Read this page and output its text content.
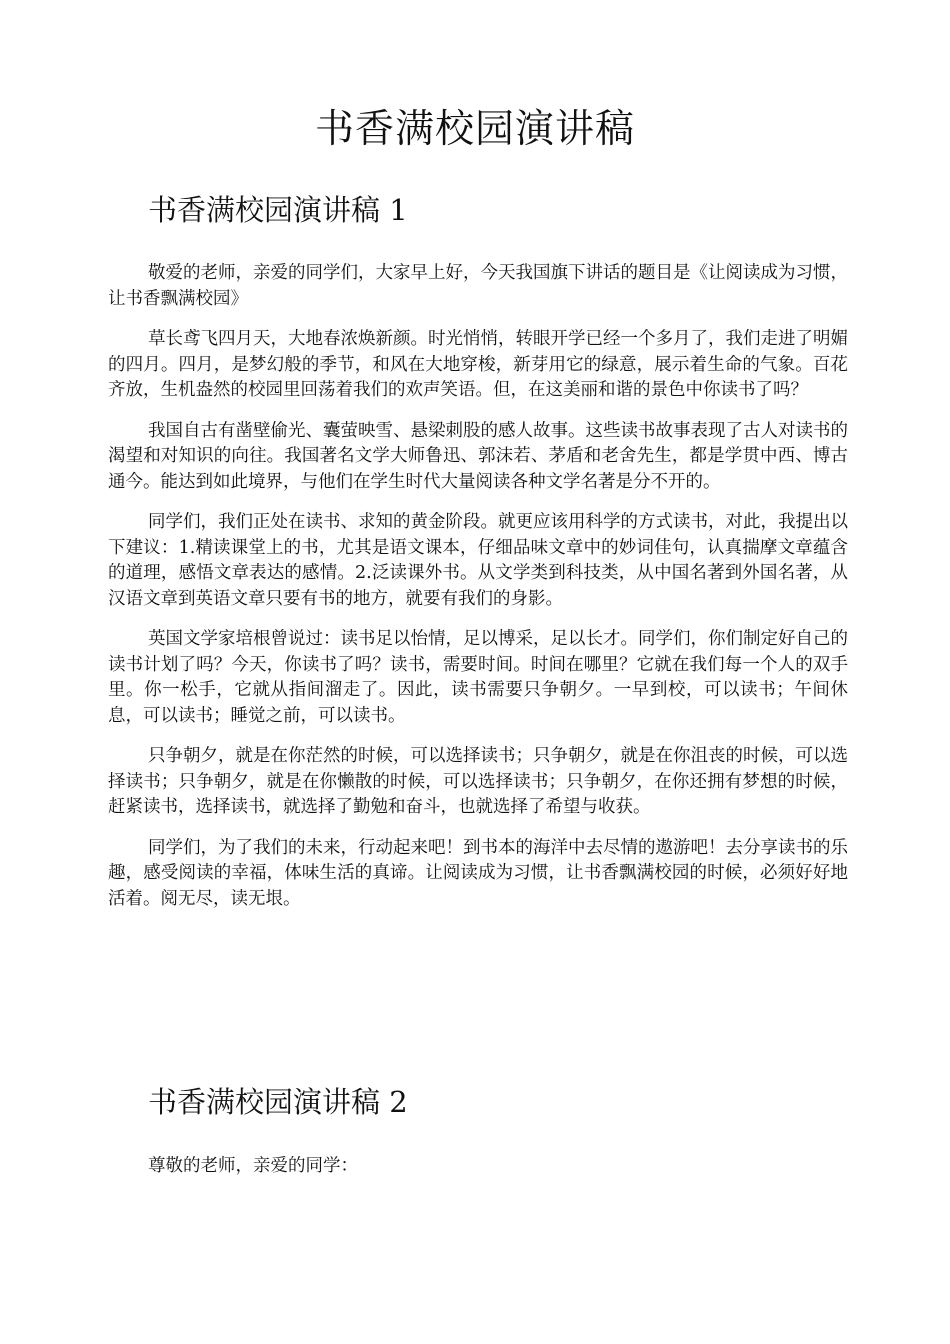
书香满校园演讲稿
书香满校园演讲稿 1

敬爱的老师，亲爱的同学们，大家早上好，今天我国旗下讲话的题目是《让阅读成为习惯，让书香飘满校园》

草长鸢飞四月天，大地春浓焕新颜。时光悄悄，转眼开学已经一个多月了，我们走进了明媚的四月。四月，是梦幻般的季节，和风在大地穿梭，新芽用它的绿意，展示着生命的气象。百花齐放，生机盎然的校园里回荡着我们的欢声笑语。但，在这美丽和谐的景色中你读书了吗？

我国自古有凿壁偷光、囊萤映雪、悬梁刺股的感人故事。这些读书故事表现了古人对读书的渴望和对知识的向往。我国著名文学大师鲁迅、郭沫若、茅盾和老舍先生，都是学贯中西、博古通今。能达到如此境界，与他们在学生时代大量阅读各种文学名著是分不开的。

同学们，我们正处在读书、求知的黄金阶段。就更应该用科学的方式读书，对此，我提出以下建议：1.精读课堂上的书，尤其是语文课本，仔细品味文章中的妙词佳句，认真揣摩文章蕴含的道理，感悟文章表达的感情。2.泛读课外书。从文学类到科技类，从中国名著到外国名著，从汉语文章到英语文章只要有书的地方，就要有我们的身影。

英国文学家培根曾说过：读书足以怡情，足以博采，足以长才。同学们，你们制定好自己的读书计划了吗？今天，你读书了吗？读书，需要时间。时间在哪里？它就在我们每一个人的双手里。你一松手，它就从指间溜走了。因此，读书需要只争朝夕。一早到校，可以读书；午间休息，可以读书；睡觉之前，可以读书。

只争朝夕，就是在你茫然的时候，可以选择读书；只争朝夕，就是在你沮丧的时候，可以选择读书；只争朝夕，就是在你懒散的时候，可以选择读书；只争朝夕，在你还拥有梦想的时候，赶紧读书，选择读书，就选择了勤勉和奋斗，也就选择了希望与收获。

同学们，为了我们的未来，行动起来吧！到书本的海洋中去尽情的遨游吧！去分享读书的乐趣，感受阅读的幸福，体味生活的真谛。让阅读成为习惯，让书香飘满校园的时候，必须好好地活着。阅无尽，读无垠。

书香满校园演讲稿 2

尊敬的老师，亲爱的同学：
